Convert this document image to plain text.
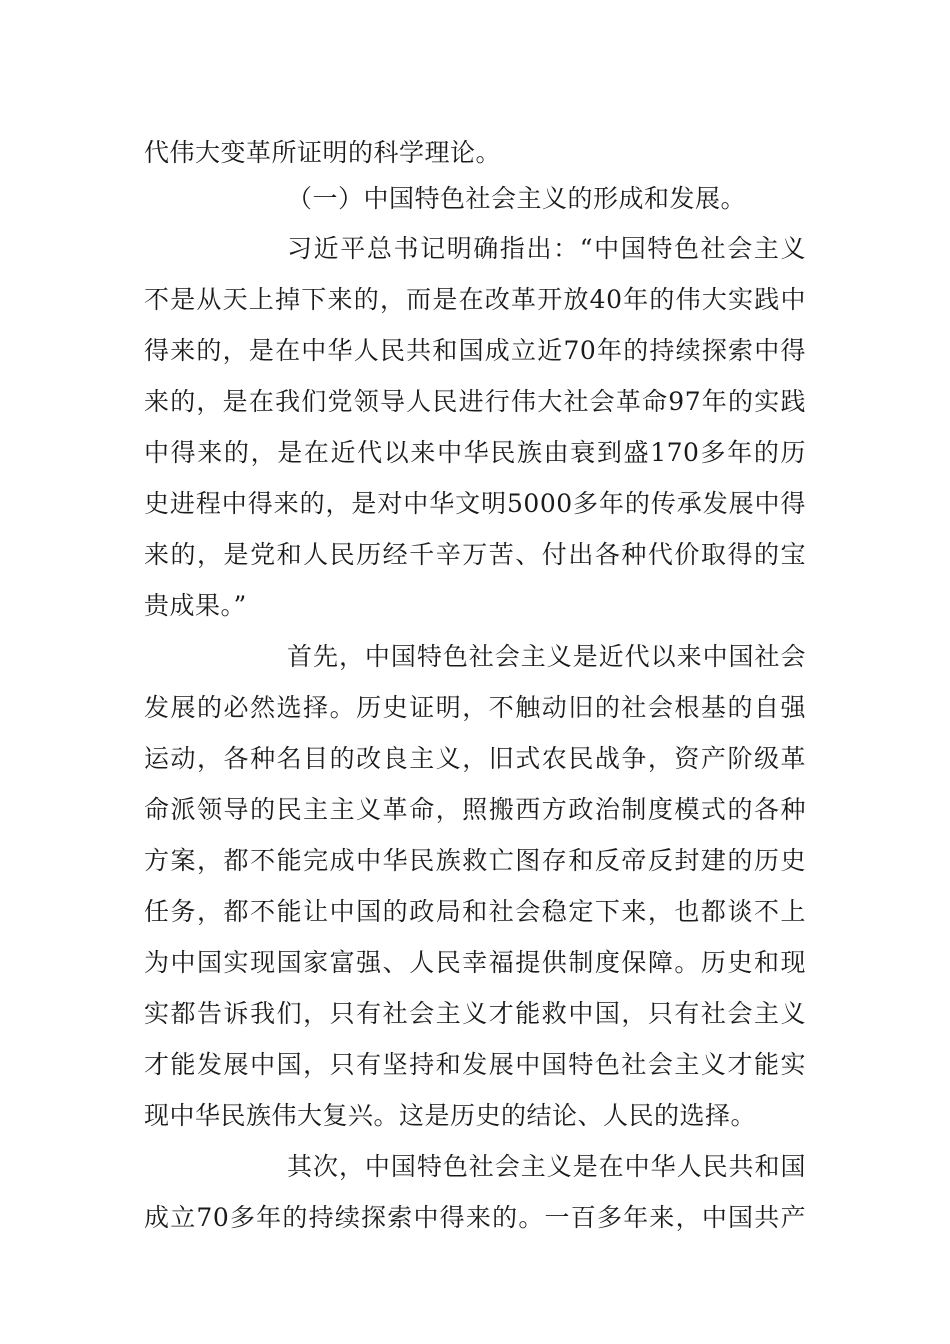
代伟大变革所证明的科学理论。
（一）中国特色社会主义的形成和发展。
习近平总书记明确指出：“中国特色社会主义
不是从天上掉下来的，而是在改革开放40年的伟大实践中
得来的，是在中华人民共和国成立近70年的持续探索中得
来的，是在我们党领导人民进行伟大社会革命97年的实践
中得来的，是在近代以来中华民族由衰到盛170多年的历
史进程中得来的，是对中华文明5000多年的传承发展中得
来的，是党和人民历经千辛万苦、付出各种代价取得的宝
贵成果。”
首先，中国特色社会主义是近代以来中国社会
发展的必然选择。历史证明，不触动旧的社会根基的自强
运动，各种名目的改良主义，旧式农民战争，资产阶级革
命派领导的民主主义革命，照搬西方政治制度模式的各种
方案，都不能完成中华民族救亡图存和反帝反封建的历史
任务，都不能让中国的政局和社会稳定下来，也都谈不上
为中国实现国家富强、人民幸福提供制度保障。历史和现
实都告诉我们，只有社会主义才能救中国，只有社会主义
才能发展中国，只有坚持和发展中国特色社会主义才能实
现中华民族伟大复兴。这是历史的结论、人民的选择。
其次，中国特色社会主义是在中华人民共和国
成立70多年的持续探索中得来的。一百多年来，中国共产
